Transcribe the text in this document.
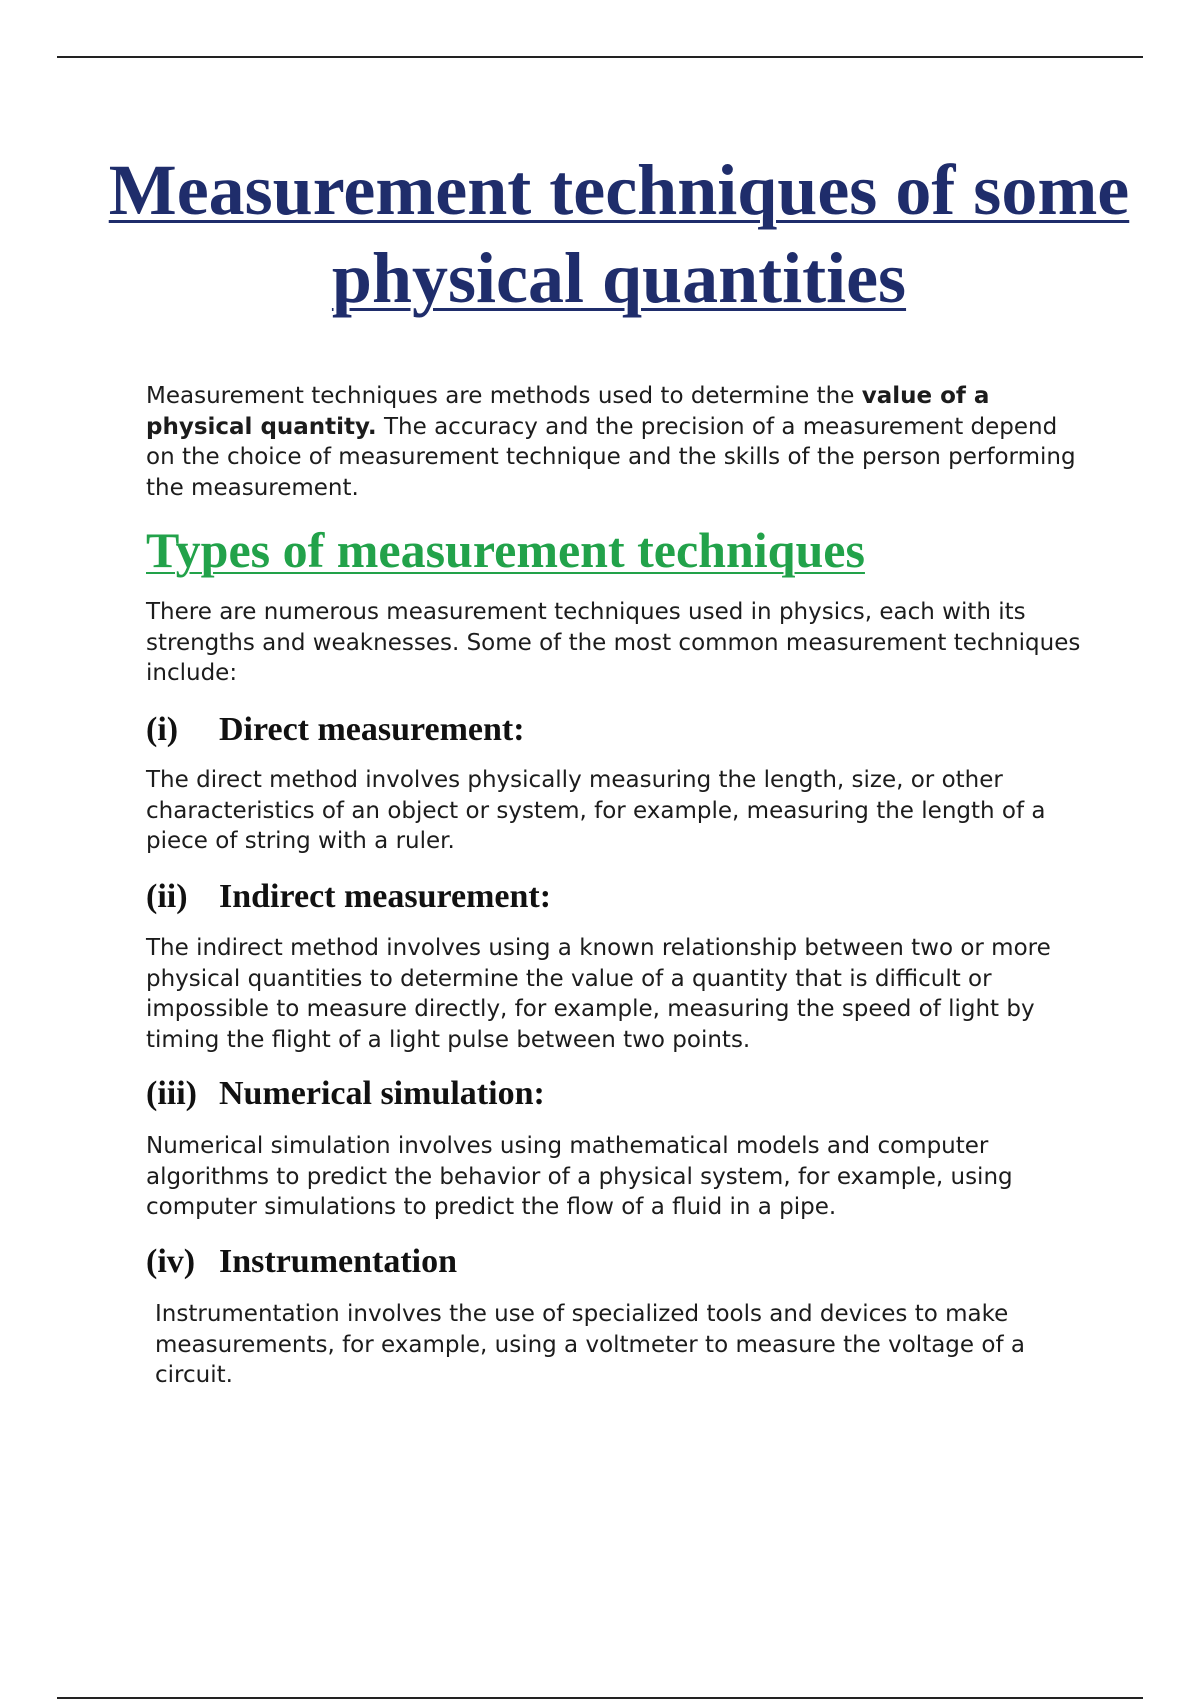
Measurement techniques of some physical quantities

Measurement techniques are methods used to determine the value of a physical quantity. The accuracy and the precision of a measurement depend on the choice of measurement technique and the skills of the person performing the measurement.

Types of measurement techniques

There are numerous measurement techniques used in physics, each with its strengths and weaknesses. Some of the most common measurement techniques include:

(i) Direct measurement:

The direct method involves physically measuring the length, size, or other characteristics of an object or system, for example, measuring the length of a piece of string with a ruler.

(ii) Indirect measurement:

The indirect method involves using a known relationship between two or more physical quantities to determine the value of a quantity that is difficult or impossible to measure directly, for example, measuring the speed of light by timing the flight of a light pulse between two points.

(iii) Numerical simulation:

Numerical simulation involves using mathematical models and computer algorithms to predict the behavior of a physical system, for example, using computer simulations to predict the flow of a fluid in a pipe.

(iv) Instrumentation

Instrumentation involves the use of specialized tools and devices to make measurements, for example, using a voltmeter to measure the voltage of a circuit.
